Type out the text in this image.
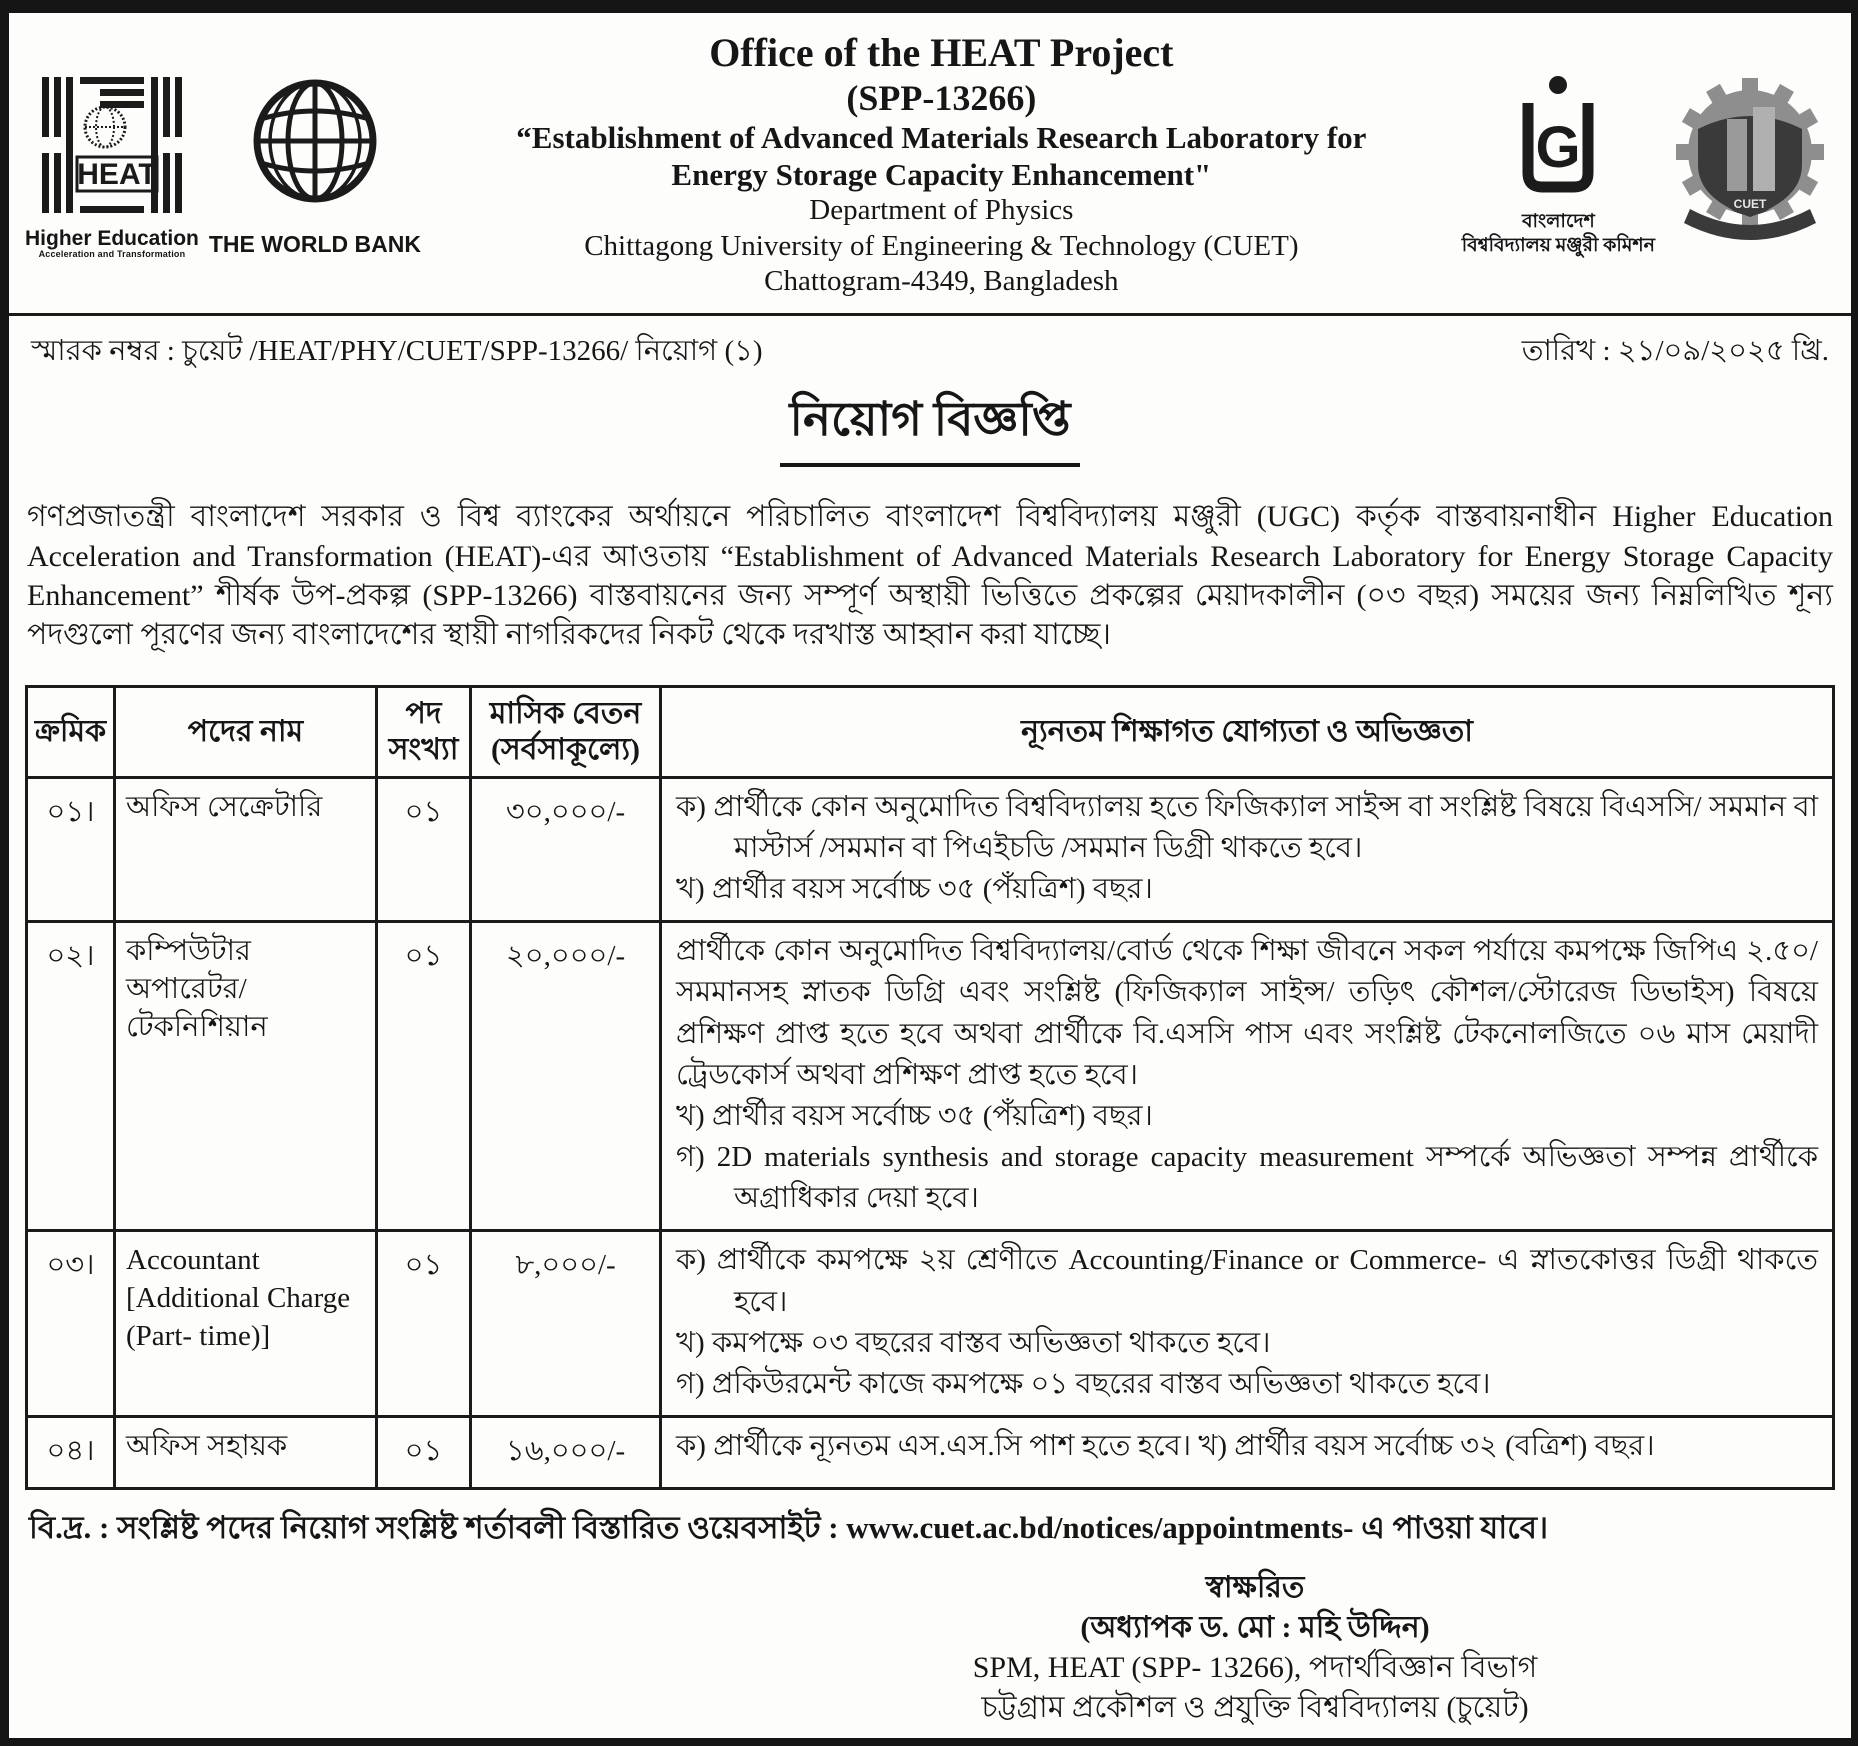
HEAT
Higher Education
Acceleration and Transformation	THE WORLD BANK
Office of the HEAT Project
(SPP-13266)
“Establishment of Advanced Materials Research Laboratory for
Energy Storage Capacity Enhancement"
Department of Physics
Chittagong University of Engineering & Technology (CUET)
Chattogram-4349, Bangladesh
G
বাংলাদেশ
বিশ্ববিদ্যালয় মঞ্জুরী কমিশন
CUET
স্মারক নম্বর : চুয়েট /HEAT/PHY/CUET/SPP-13266/ নিয়োগ (১)	তারিখ : ২১/০৯/২০২৫ খ্রি.
নিয়োগ বিজ্ঞপ্তি

গণপ্রজাতন্ত্রী বাংলাদেশ সরকার ও বিশ্ব ব্যাংকের অর্থায়নে পরিচালিত বাংলাদেশ বিশ্ববিদ্যালয় মঞ্জুরী (UGC) কর্তৃক বাস্তবায়নাধীন Higher Education Acceleration and Transformation (HEAT)-এর আওতায় “Establishment of Advanced Materials Research Laboratory for Energy Storage Capacity Enhancement” শীর্ষক উপ-প্রকল্প (SPP-13266) বাস্তবায়নের জন্য সম্পূর্ণ অস্থায়ী ভিত্তিতে প্রকল্পের মেয়াদকালীন (০৩ বছর) সময়ের জন্য নিম্নলিখিত শূন্য পদগুলো পূরণের জন্য বাংলাদেশের স্থায়ী নাগরিকদের নিকট থেকে দরখাস্ত আহ্বান করা যাচ্ছে।

ক্রমিক	পদের নাম	পদ সংখ্যা	মাসিক বেতন (সর্বসাকূল্যে)	ন্যূনতম শিক্ষাগত যোগ্যতা ও অভিজ্ঞতা
০১।	অফিস সেক্রেটারি	০১	৩০,০০০/-	ক) প্রার্থীকে কোন অনুমোদিত বিশ্ববিদ্যালয় হতে ফিজিক্যাল সাইন্স বা সংশ্লিষ্ট বিষয়ে বিএসসি/ সমমান বা মাস্টার্স /সমমান বা পিএইচডি /সমমান ডিগ্রী থাকতে হবে।
খ) প্রার্থীর বয়স সর্বোচ্চ ৩৫ (পঁয়ত্রিশ) বছর।

০২।	কম্পিউটার অপারেটর/ টেকনিশিয়ান	০১	২০,০০০/-	প্রার্থীকে কোন অনুমোদিত বিশ্ববিদ্যালয়/বোর্ড থেকে শিক্ষা জীবনে সকল পর্যায়ে কমপক্ষে জিপিএ ২.৫০/সমমানসহ স্নাতক ডিগ্রি এবং সংশ্লিষ্ট (ফিজিক্যাল সাইন্স/ তড়িৎ কৌশল/স্টোরেজ ডিভাইস) বিষয়ে প্রশিক্ষণ প্রাপ্ত হতে হবে অথবা প্রার্থীকে বি.এসসি পাস এবং সংশ্লিষ্ট টেকনোলজিতে ০৬ মাস মেয়াদী ট্রেডকোর্স অথবা প্রশিক্ষণ প্রাপ্ত হতে হবে।
খ) প্রার্থীর বয়স সর্বোচ্চ ৩৫ (পঁয়ত্রিশ) বছর।
গ) 2D materials synthesis and storage capacity measurement সম্পর্কে অভিজ্ঞতা সম্পন্ন প্রার্থীকে অগ্রাধিকার দেয়া হবে।

০৩।	Accountant [Additional Charge (Part- time)]	০১	৮,০০০/-	ক) প্রার্থীকে কমপক্ষে ২য় শ্রেণীতে Accounting/Finance or Commerce- এ স্নাতকোত্তর ডিগ্রী থাকতে হবে।
খ) কমপক্ষে ০৩ বছরের বাস্তব অভিজ্ঞতা থাকতে হবে।
গ) প্রকিউরমেন্ট কাজে কমপক্ষে ০১ বছরের বাস্তব অভিজ্ঞতা থাকতে হবে।

০৪।	অফিস সহায়ক	০১	১৬,০০০/-	ক) প্রার্থীকে ন্যূনতম এস.এস.সি পাশ হতে হবে। খ) প্রার্থীর বয়স সর্বোচ্চ ৩২ (বত্রিশ) বছর।
বি.দ্র. : সংশ্লিষ্ট পদের নিয়োগ সংশ্লিষ্ট শর্তাবলী বিস্তারিত ওয়েবসাইট : www.cuet.ac.bd/notices/appointments- এ পাওয়া যাবে।
স্বাক্ষরিত
(অধ্যাপক ড. মো : মহি উদ্দিন)
SPM, HEAT (SPP- 13266), পদার্থবিজ্ঞান বিভাগ
চট্টগ্রাম প্রকৌশল ও প্রযুক্তি বিশ্ববিদ্যালয় (চুয়েট)
